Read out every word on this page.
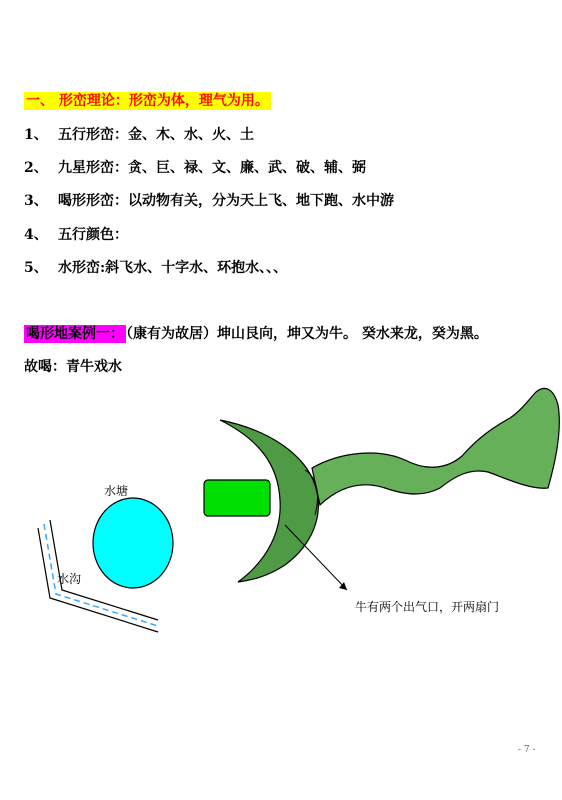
一、 形峦理论：形峦为体，理气为用。
1、 五行形峦：金、木、水、火、土
2、 九星形峦：贪、巨、禄、文、廉、武、破、辅、弼
3、 喝形形峦：以动物有关，分为天上飞、地下跑、水中游
4、 五行颜色：
5、 水形峦:斜飞水、十字水、环抱水、、、
喝形地案例一： （康有为故居）坤山艮向，坤又为牛。 癸水来龙，癸为黑。
故喝：青牛戏水
水塘
水沟
牛有两个出气口，开两扇门
- 7 -
